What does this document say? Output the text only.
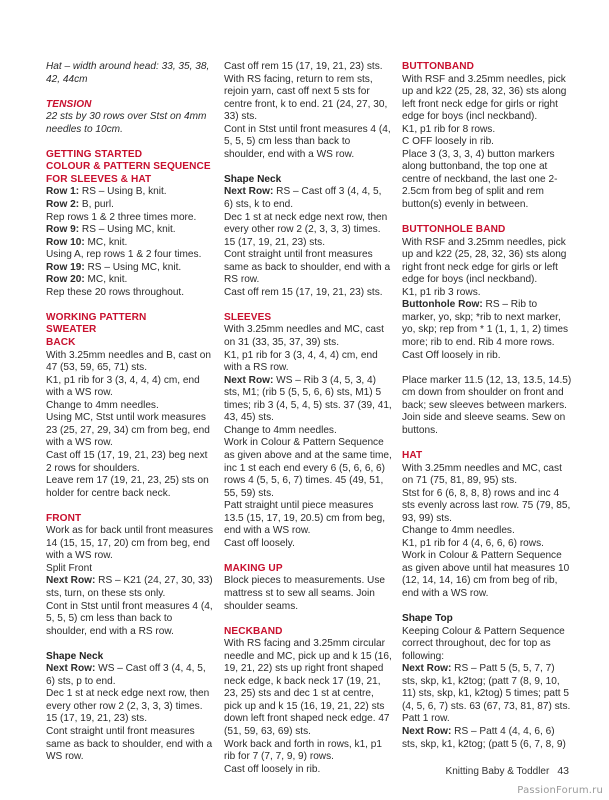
Hat – width around head: 33, 35, 38, 42, 44cm

TENSION

22 sts by 30 rows over Stst on 4mm needles to 10cm.

GETTING STARTED

COLOUR & PATTERN SEQUENCE FOR SLEEVES & HAT

Row 1: RS – Using B, knit.

Row 2: B, purl.

Rep rows 1 & 2 three times more.

Row 9: RS – Using MC, knit.

Row 10: MC, knit.

Using A, rep rows 1 & 2 four times.

Row 19: RS – Using MC, knit.

Row 20: MC, knit.

Rep these 20 rows throughout.

WORKING PATTERN

SWEATER

BACK

With 3.25mm needles and B, cast on 47 (53, 59, 65, 71) sts.

K1, p1 rib for 3 (3, 4, 4, 4) cm, end with a WS row.

Change to 4mm needles.

Using MC, Stst until work measures 23 (25, 27, 29, 34) cm from beg, end with a WS row.

Cast off 15 (17, 19, 21, 23) beg next 2 rows for shoulders.

Leave rem 17 (19, 21, 23, 25) sts on holder for centre back neck.

FRONT

Work as for back until front measures 14 (15, 15, 17, 20) cm from beg, end with a WS row.

Split Front

Next Row: RS – K21 (24, 27, 30, 33) sts, turn, on these sts only.

Cont in Stst until front measures 4 (4, 5, 5, 5) cm less than back to shoulder, end with a RS row.

Shape Neck

Next Row: WS – Cast off 3 (4, 4, 5, 6) sts, p to end.

Dec 1 st at neck edge next row, then every other row 2 (2, 3, 3, 3) times. 15 (17, 19, 21, 23) sts.

Cont straight until front measures same as back to shoulder, end with a WS row.

Cast off rem 15 (17, 19, 21, 23) sts.

With RS facing, return to rem sts, rejoin yarn, cast off next 5 sts for centre front, k to end. 21 (24, 27, 30, 33) sts.

Cont in Stst until front measures 4 (4, 5, 5, 5) cm less than back to shoulder, end with a WS row.

Shape Neck

Next Row: RS – Cast off 3 (4, 4, 5, 6) sts, k to end.

Dec 1 st at neck edge next row, then every other row 2 (2, 3, 3, 3) times. 15 (17, 19, 21, 23) sts.

Cont straight until front measures same as back to shoulder, end with a RS row.

Cast off rem 15 (17, 19, 21, 23) sts.

SLEEVES

With 3.25mm needles and MC, cast on 31 (33, 35, 37, 39) sts.

K1, p1 rib for 3 (3, 4, 4, 4) cm, end with a RS row.

Next Row: WS – Rib 3 (4, 5, 3, 4) sts, M1; (rib 5 (5, 5, 6, 6) sts, M1) 5 times; rib 3 (4, 5, 4, 5) sts. 37 (39, 41, 43, 45) sts.

Change to 4mm needles.

Work in Colour & Pattern Sequence as given above and at the same time, inc 1 st each end every 6 (5, 6, 6, 6) rows 4 (5, 5, 6, 7) times. 45 (49, 51, 55, 59) sts.

Patt straight until piece measures 13.5 (15, 17, 19, 20.5) cm from beg, end with a WS row.

Cast off loosely.

MAKING UP

Block pieces to measurements. Use mattress st to sew all seams. Join shoulder seams.

NECKBAND

With RS facing and 3.25mm circular needle and MC, pick up and k 15 (16, 19, 21, 22) sts up right front shaped neck edge, k back neck 17 (19, 21, 23, 25) sts and dec 1 st at centre, pick up and k 15 (16, 19, 21, 22) sts down left front shaped neck edge. 47 (51, 59, 63, 69) sts.

Work back and forth in rows, k1, p1 rib for 7 (7, 7, 9, 9) rows.

Cast off loosely in rib.

BUTTONBAND

With RSF and 3.25mm needles, pick up and k22 (25, 28, 32, 36) sts along left front neck edge for girls or right edge for boys (incl neckband).

K1, p1 rib for 8 rows.

C OFF loosely in rib.

Place 3 (3, 3, 3, 4) button markers along buttonband, the top one at centre of neckband, the last one 2-2.5cm from beg of split and rem button(s) evenly in between.

BUTTONHOLE BAND

With RSF and 3.25mm needles, pick up and k22 (25, 28, 32, 36) sts along right front neck edge for girls or left edge for boys (incl neckband).

K1, p1 rib 3 rows.

Buttonhole Row: RS – Rib to marker, yo, skp; *rib to next marker, yo, skp; rep from * 1 (1, 1, 1, 2) times more; rib to end. Rib 4 more rows.

Cast Off loosely in rib.

Place marker 11.5 (12, 13, 13.5, 14.5) cm down from shoulder on front and back; sew sleeves between markers.

Join side and sleeve seams. Sew on buttons.

HAT

With 3.25mm needles and MC, cast on 71 (75, 81, 89, 95) sts.

Stst for 6 (6, 8, 8, 8) rows and inc 4 sts evenly across last row. 75 (79, 85, 93, 99) sts.

Change to 4mm needles.

K1, p1 rib for 4 (4, 6, 6, 6) rows.

Work in Colour & Pattern Sequence as given above until hat measures 10 (12, 14, 14, 16) cm from beg of rib, end with a WS row.

Shape Top

Keeping Colour & Pattern Sequence correct throughout, dec for top as following:

Next Row: RS – Patt 5 (5, 5, 7, 7) sts, skp, k1, k2tog; (patt 7 (8, 9, 10, 11) sts, skp, k1, k2tog) 5 times; patt 5 (4, 5, 6, 7) sts. 63 (67, 73, 81, 87) sts.

Patt 1 row.

Next Row: RS – Patt 4 (4, 4, 6, 6) sts, skp, k1, k2tog; (patt 5 (6, 7, 8, 9)

Knitting Baby & Toddler 43
PassionForum.ru
